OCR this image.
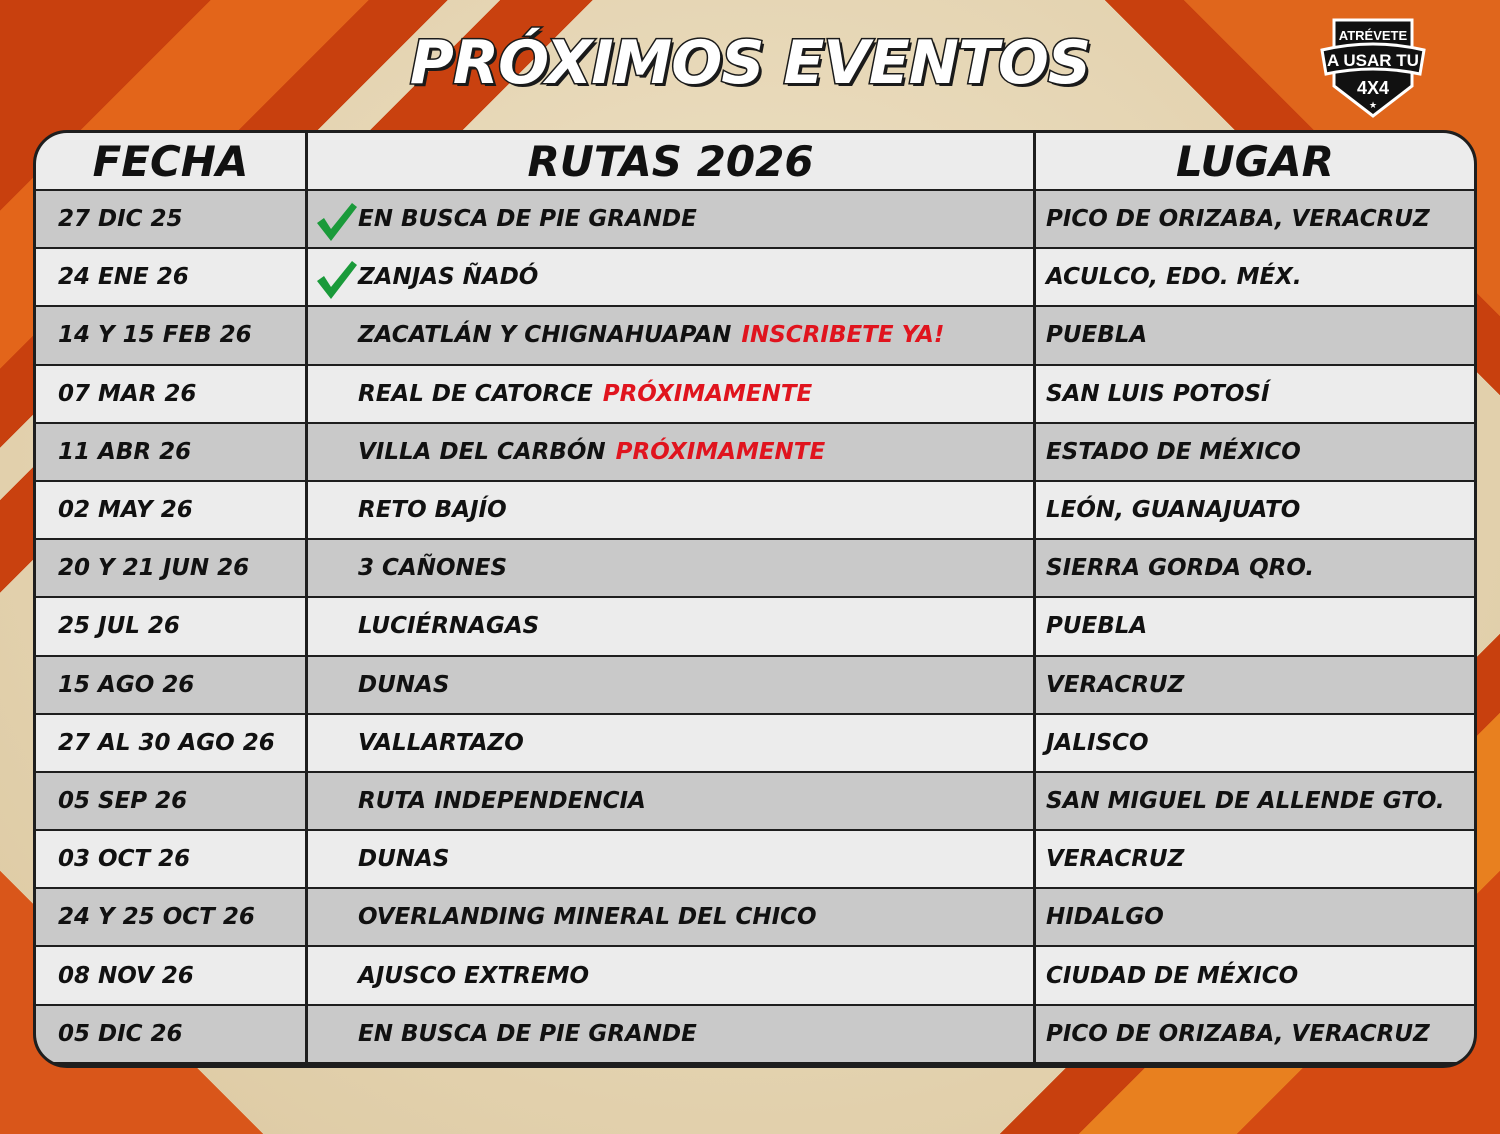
PRÓXIMOS EVENTOS	ATRÉVETE
A USAR TU
4X4
★
FECHA	RUTAS 2026	LUGAR
27 DIC 25	EN BUSCA DE PIE GRANDE	PICO DE ORIZABA, VERACRUZ
24 ENE 26	ZANJAS ÑADÓ	ACULCO, EDO. MÉX.
14 Y 15 FEB 26	ZACATLÁN Y CHIGNAHUAPAN INSCRIBETE YA!	PUEBLA
07 MAR 26	REAL DE CATORCE PRÓXIMAMENTE	SAN LUIS POTOSÍ
11 ABR 26	VILLA DEL CARBÓN PRÓXIMAMENTE	ESTADO DE MÉXICO
02 MAY 26	RETO BAJÍO	LEÓN, GUANAJUATO
20 Y 21 JUN 26	3 CAÑONES	SIERRA GORDA QRO.
25 JUL 26	LUCIÉRNAGAS	PUEBLA
15 AGO 26	DUNAS	VERACRUZ
27 AL 30 AGO 26	VALLARTAZO	JALISCO
05 SEP 26	RUTA INDEPENDENCIA	SAN MIGUEL DE ALLENDE GTO.
03 OCT 26	DUNAS	VERACRUZ
24 Y 25 OCT 26	OVERLANDING MINERAL DEL CHICO	HIDALGO
08 NOV 26	AJUSCO EXTREMO	CIUDAD DE MÉXICO
05 DIC 26	EN BUSCA DE PIE GRANDE	PICO DE ORIZABA, VERACRUZ
